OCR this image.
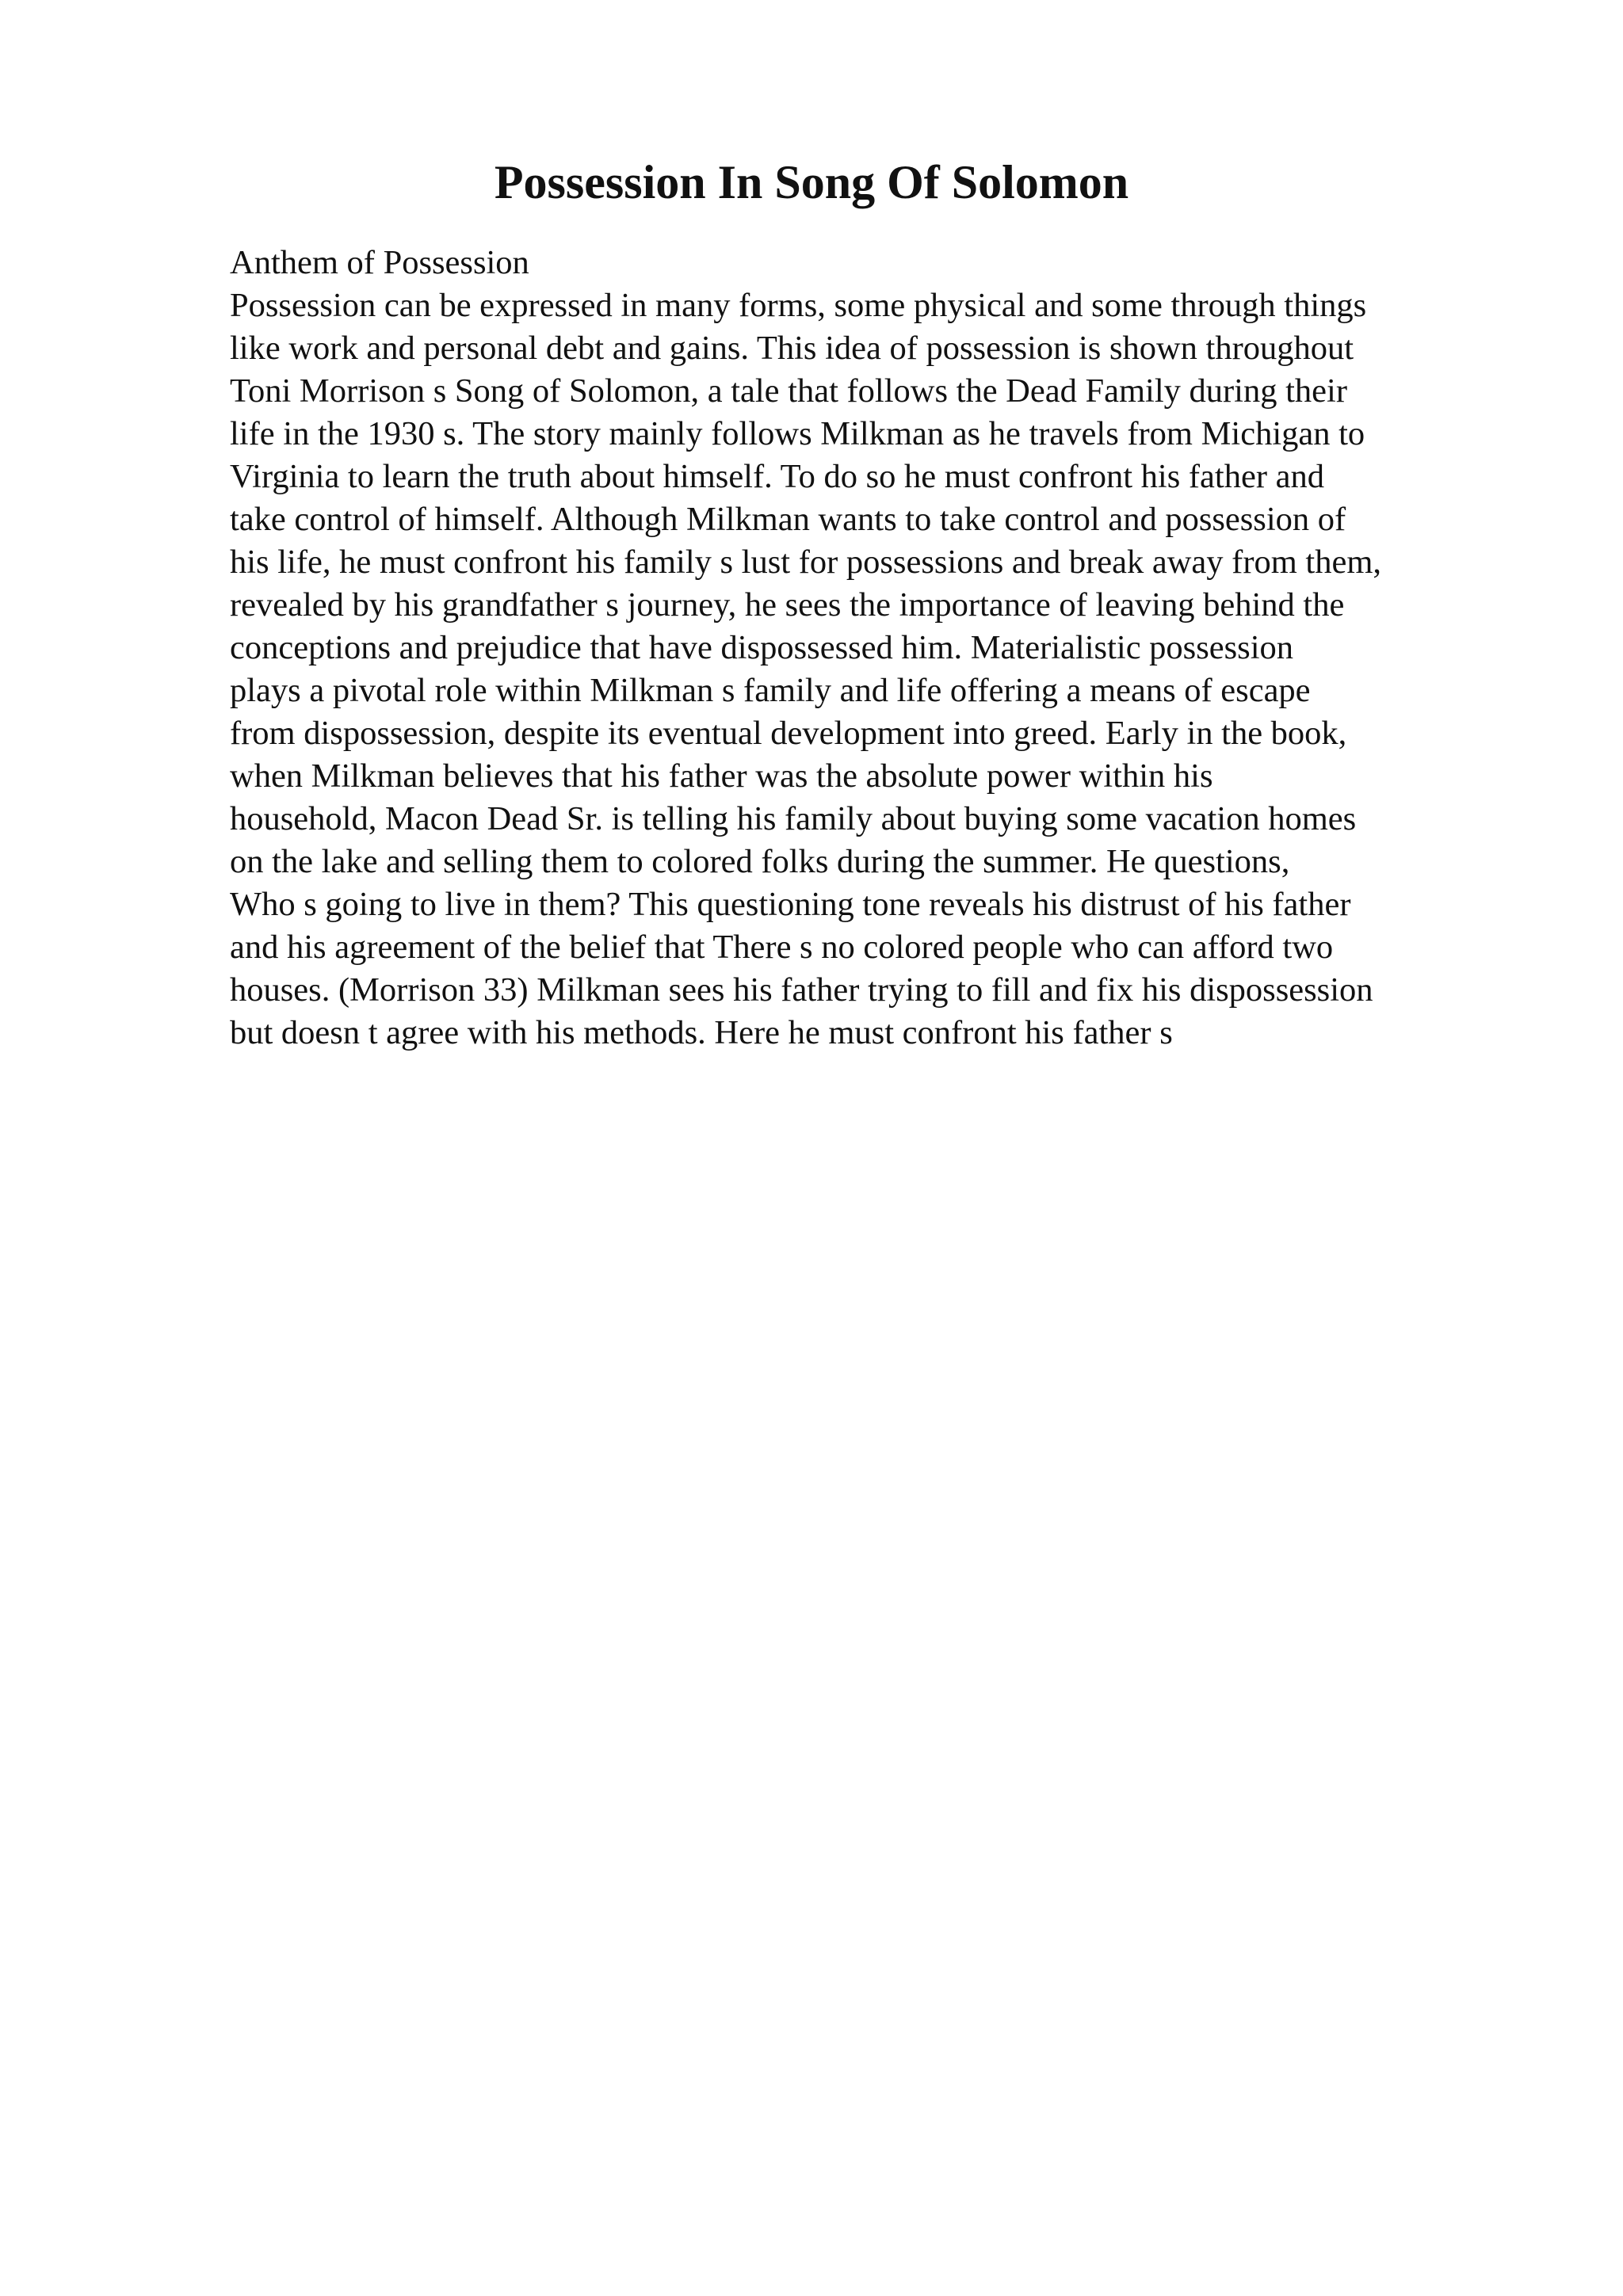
Possession In Song Of Solomon
Anthem of Possession
Possession can be expressed in many forms, some physical and some through things
like work and personal debt and gains. This idea of possession is shown throughout
Toni Morrison s Song of Solomon, a tale that follows the Dead Family during their
life in the 1930 s. The story mainly follows Milkman as he travels from Michigan to
Virginia to learn the truth about himself. To do so he must confront his father and
take control of himself. Although Milkman wants to take control and possession of
his life, he must confront his family s lust for possessions and break away from them,
revealed by his grandfather s journey, he sees the importance of leaving behind the
conceptions and prejudice that have dispossessed him. Materialistic possession
plays a pivotal role within Milkman s family and life offering a means of escape
from dispossession, despite its eventual development into greed. Early in the book,
when Milkman believes that his father was the absolute power within his
household, Macon Dead Sr. is telling his family about buying some vacation homes
on the lake and selling them to colored folks during the summer. He questions,
Who s going to live in them? This questioning tone reveals his distrust of his father
and his agreement of the belief that There s no colored people who can afford two
houses. (Morrison 33) Milkman sees his father trying to fill and fix his dispossession
but doesn t agree with his methods. Here he must confront his father s
